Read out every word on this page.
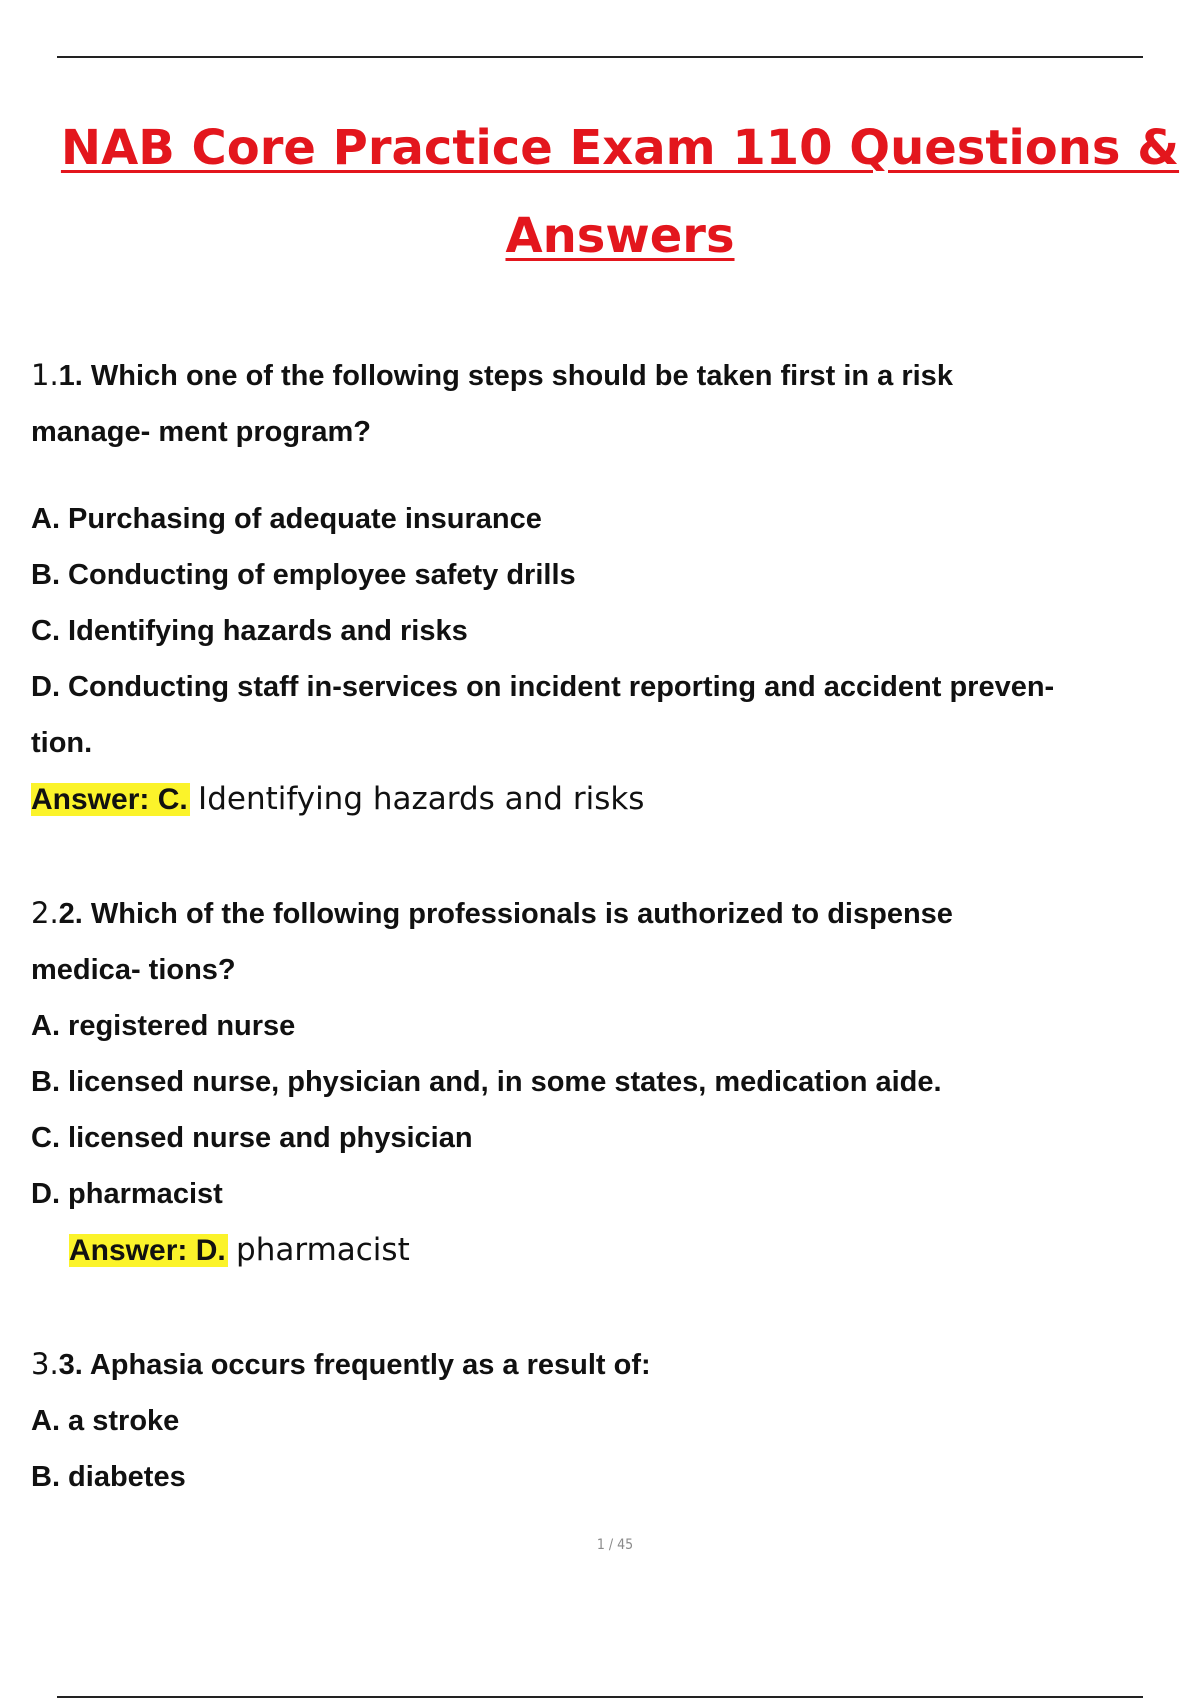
NAB Core Practice Exam 110 Questions &
Answers
1.1. Which one of the following steps should be taken first in a risk
manage- ment program?
A. Purchasing of adequate insurance
B. Conducting of employee safety drills
C. Identifying hazards and risks
D. Conducting staff in-services on incident reporting and accident preven-
tion.
Answer: C. Identifying hazards and risks
2.2. Which of the following professionals is authorized to dispense
medica- tions?
A. registered nurse
B. licensed nurse, physician and, in some states, medication aide.
C. licensed nurse and physician
D. pharmacist
Answer: D. pharmacist
3.3. Aphasia occurs frequently as a result of:
A. a stroke
B. diabetes
1 / 45
